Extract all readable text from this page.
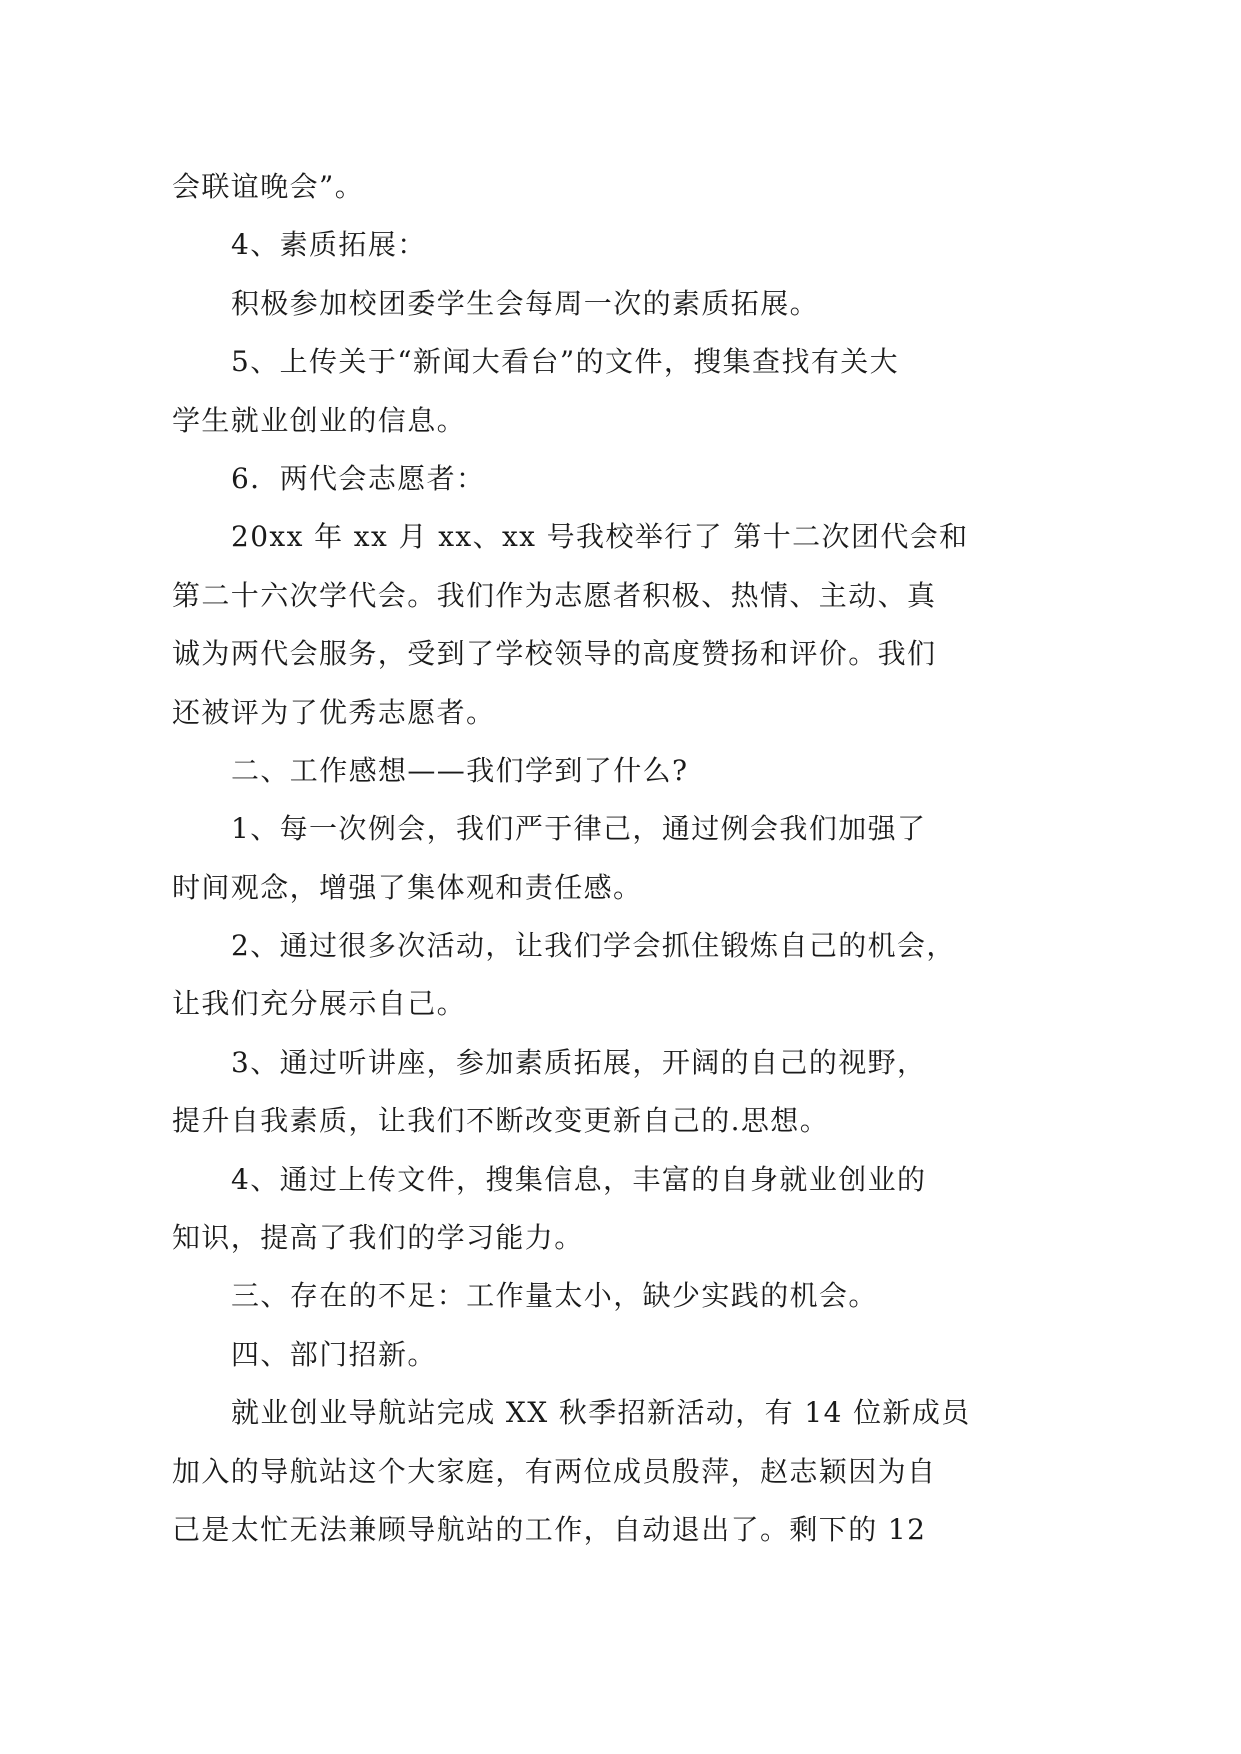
会联谊晚会”。
4、素质拓展：
积极参加校团委学生会每周一次的素质拓展。
5、上传关于“新闻大看台”的文件，搜集查找有关大
学生就业创业的信息。
6．两代会志愿者：
20xx 年 xx 月 xx、xx 号我校举行了 第十二次团代会和
第二十六次学代会。我们作为志愿者积极、热情、主动、真
诚为两代会服务，受到了学校领导的高度赞扬和评价。我们
还被评为了优秀志愿者。
二、工作感想——我们学到了什么?
1、每一次例会，我们严于律己，通过例会我们加强了
时间观念，增强了集体观和责任感。
2、通过很多次活动，让我们学会抓住锻炼自己的机会，
让我们充分展示自己。
3、通过听讲座，参加素质拓展，开阔的自己的视野，
提升自我素质，让我们不断改变更新自己的.思想。
4、通过上传文件，搜集信息，丰富的自身就业创业的
知识，提高了我们的学习能力。
三、存在的不足：工作量太小，缺少实践的机会。
四、部门招新。
就业创业导航站完成 XX 秋季招新活动，有 14 位新成员
加入的导航站这个大家庭，有两位成员殷萍，赵志颖因为自
己是太忙无法兼顾导航站的工作，自动退出了。剩下的 12
